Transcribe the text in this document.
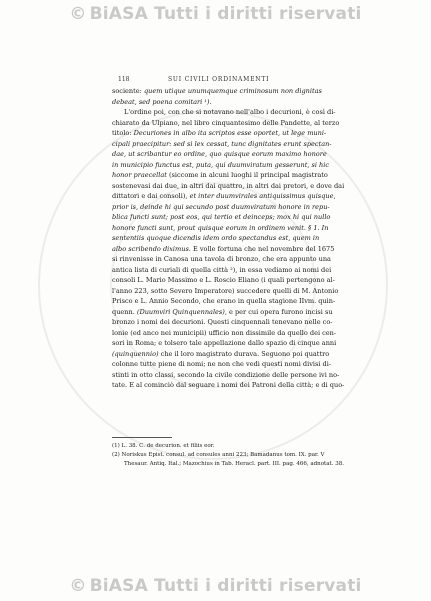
© BiASA Tutti i diritti riservati
118	SUI CIVILI ORDINAMENTI
sociente: quem utique unumquemque criminosum non dignitas
debeat, sed poena comitari ¹).
L'ordine poi, con che si notavano nell'albo i decurioni, è così di-
chiarato da Ulpiano, nel libro cinquantesimo delle Pandette, al terzo
titolo: Decuriones in albo ita scriptos esse oportet, ut lege muni-
cipali praecipitur: sed si lex cessat, tunc dignitates erunt spectan-
dae, ut scribantur eo ordine, quo quisque eorum maximo honore
in municipio functus est, puta, qui duumviratum gesserunt, si hic
honor praecellat (siccome in alcuni luoghi il principal magistrato
sostenevasi dai due, in altri dai quattro, in altri dai pretori, e dove dai
dittatori e dai consoli), et inter duumvirales antiquissimus quisque,
prior is, deinde hi qui secundo post duumviratum honore in repu-
blica functi sunt; post eos, qui tertio et deinceps; mox hi qui nullo
honore functi sunt, prout quisque eorum in ordinem venit. § 1. In
sententiis quoque dicendis idem ordo spectandus est, quem in
albo scribendo diximus. E volle fortuna che nel novembre del 1675
si rinvenisse in Canosa una tavola di bronzo, che era appunto una
antica lista di curiali di quella città ²), in essa vediamo ai nomi dei
consoli L. Mario Massimo e L. Roscio Eliano (i quali pertengono al-
l'anno 223, sotto Severo Imperatore) succedere quelli di M. Antonio
Prisco e L. Annio Secondo, che erano in quella stagione IIvm. quin-
quenn. (Duumviri Quinquennales), e per cui opera furono incisi su
bronzo i nomi dei decurioni. Questi cinquennali tenevano nelle co-
lonie (ed anco nei municipii) ufficio non dissimile da quello dei cen-
sori in Roma; e tolsero tale appellazione dallo spazio di cinque anni
(quinquennio) che il loro magistrato durava. Seguono poi quattro
colonne tutte piene di nomi; ne non che vedi questi nomi divisi di-
stinti in otto classi, secondo la civile condizione delle persone ivi no-
tate. E al cominciò dal seguare i nomi dei Patroni della città; e di quo-
(1) L. 38. C. de decurion. et filiis eor.
(2) Noriskus Epist. consul. ad consules anni 223; Bamadanus tom. IX. par. V
Thesaur. Antiq. Ital.; Mazochius in Tab. Heracl. part. III. pag. 466, adnotat. 38.
© BiASA Tutti i diritti riservati
